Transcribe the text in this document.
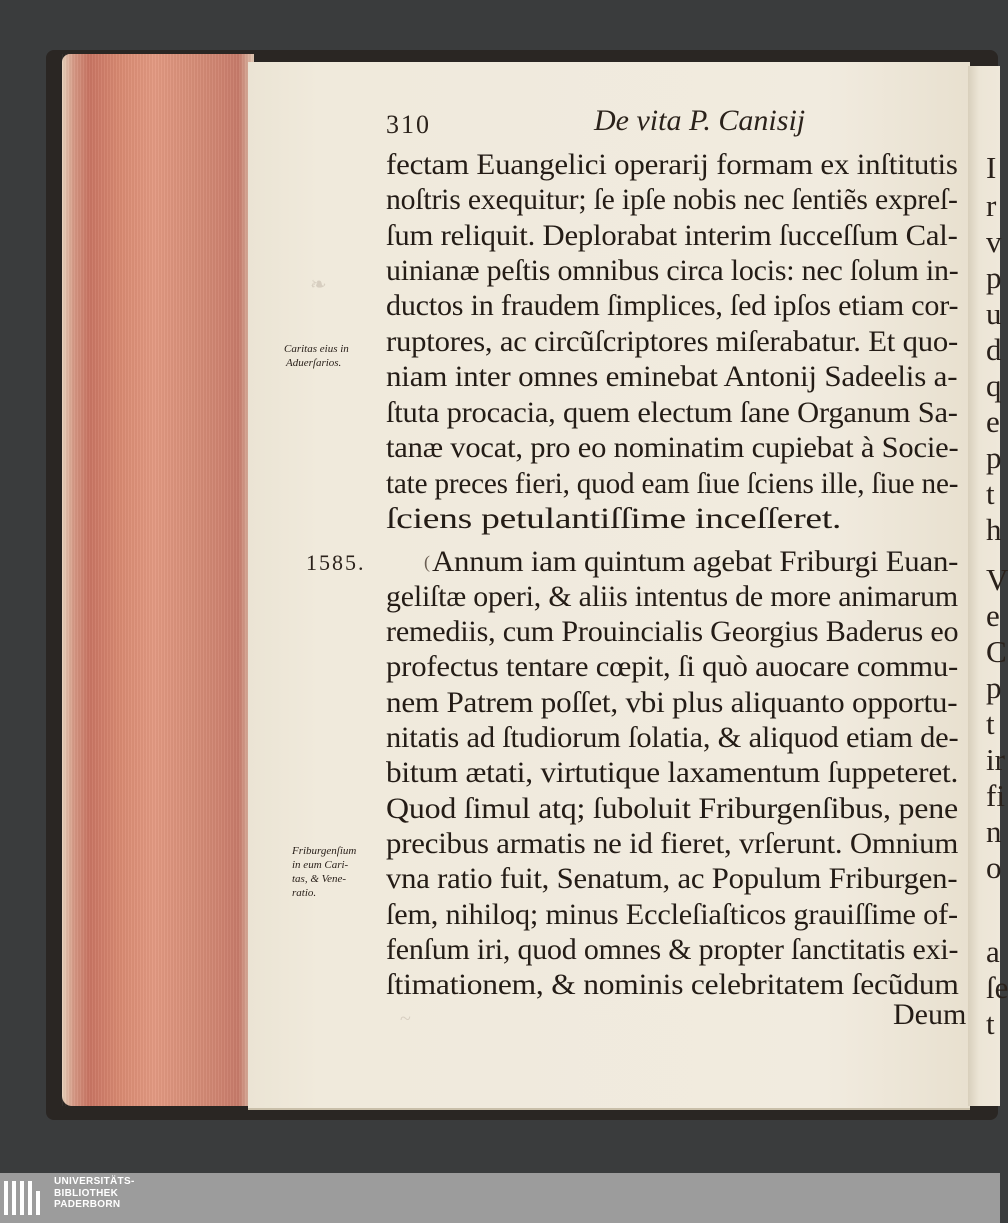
❧
~
310	De vita P. Canisij
fectam Euangelici operarij formam ex inſtitutis
noſtris exequitur; ſe ipſe nobis nec ſentiẽs expreſ-
ſum reliquit. Deplorabat interim ſucceſſum Cal-
uinianæ peſtis omnibus circa locis: nec ſolum in-
ductos in fraudem ſimplices, ſed ipſos etiam cor-
ruptores, ac circũſcriptores miſerabatur. Et quo-
niam inter omnes eminebat Antonij Sadeelis a-
ſtuta procacia, quem electum ſane Organum Sa-
tanæ vocat, pro eo nominatim cupiebat à Socie-
tate preces fieri, quod eam ſiue ſciens ille, ſiue ne-
ſciens petulantiſſime inceſſeret.
Annum iam quintum agebat Friburgi Euan-
geliſtæ operi, & aliis intentus de more animarum
remediis, cum Prouincialis Georgius Baderus eo
profectus tentare cœpit, ſi quò auocare commu-
nem Patrem poſſet, vbi plus aliquanto opportu-
nitatis ad ſtudiorum ſolatia, & aliquod etiam de-
bitum ætati, virtutique laxamentum ſuppeteret.
Quod ſimul atq; ſuboluit Friburgenſibus, pene
precibus armatis ne id fieret, vrſerunt. Omnium
vna ratio fuit, Senatum, ac Populum Friburgen-
ſem, nihiloq; minus Eccleſiaſticos grauiſſime of-
fenſum iri, quod omnes & propter ſanctitatis exi-
ſtimationem, & nominis celebritatem ſecũdum
Deum
1585.	(
Caritas eius in
Aduerſarios.
Friburgenſium
in eum Cari-
tas, & Vene-
ratio.
I
r
v
p
u
d
q
e
p
t
h
V
e
C
p
t
ir
fi
n
o
a
ſe
t
UNIVERSITÄTS-
BIBLIOTHEK
PADERBORN
